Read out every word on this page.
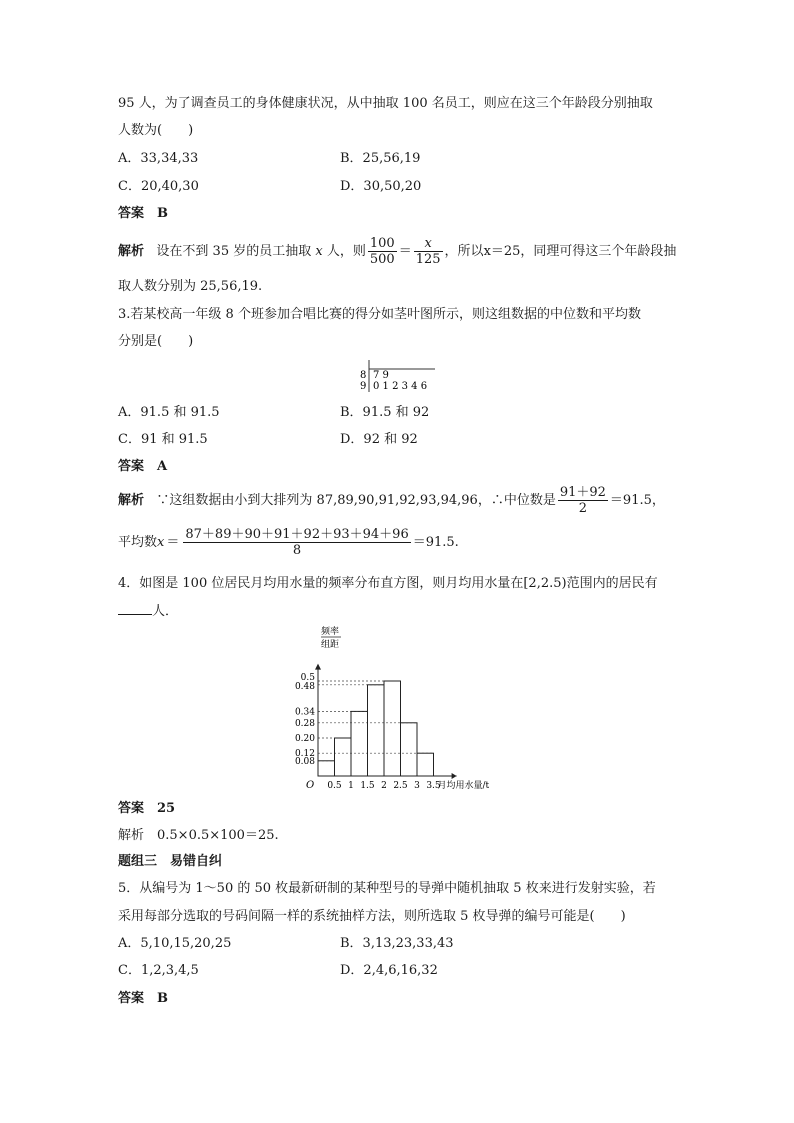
95 人，为了调查员工的身体健康状况，从中抽取 100 名员工，则应在这三个年龄段分别抽取
人数为(　　)
A．33,34,33	B．25,56,19
C．20,40,30	D．30,50,20
答案　B
解析 设在不到 35 岁的员工抽取 x 人，则 $\frac{100}{500} = \frac{x}{125}$ ，所以x＝25，同理可得这三个年龄段抽
取人数分别为 25,56,19.
3.若某校高一年级 8 个班参加合唱比赛的得分如茎叶图所示，则这组数据的中位数和平均数
分别是(　　)
8 7 9
9 0 1 2 3 4 6
A．91.5 和 91.5	B．91.5 和 92
C．91 和 91.5	D．92 和 92
答案　A
解析 ∵这组数据由小到大排列为 87,89,90,91,92,93,94,96，∴中位数是 $\frac{91+92}{2} =91.5$，
平均数$x = \frac{87+89+90+91+92+93+94+96}{8} =91.5$.
4．如图是 100 位居民月均用水量的频率分布直方图，则月均用水量在[2,2.5)范围内的居民有
人．
0.5 1 1.5 2 2.5 3 3.5
0.08
0.12
0.20
0.28
0.34
0.48
0.5
O	月均用水量/t
频率
组距
答案　25
解析　0.5×0.5×100＝25.
题组三　易错自纠
5．从编号为 1～50 的 50 枚最新研制的某种型号的导弹中随机抽取 5 枚来进行发射实验，若
采用每部分选取的号码间隔一样的系统抽样方法，则所选取 5 枚导弹的编号可能是(　　)
A．5,10,15,20,25	B．3,13,23,33,43
C．1,2,3,4,5	D．2,4,6,16,32
答案　B
